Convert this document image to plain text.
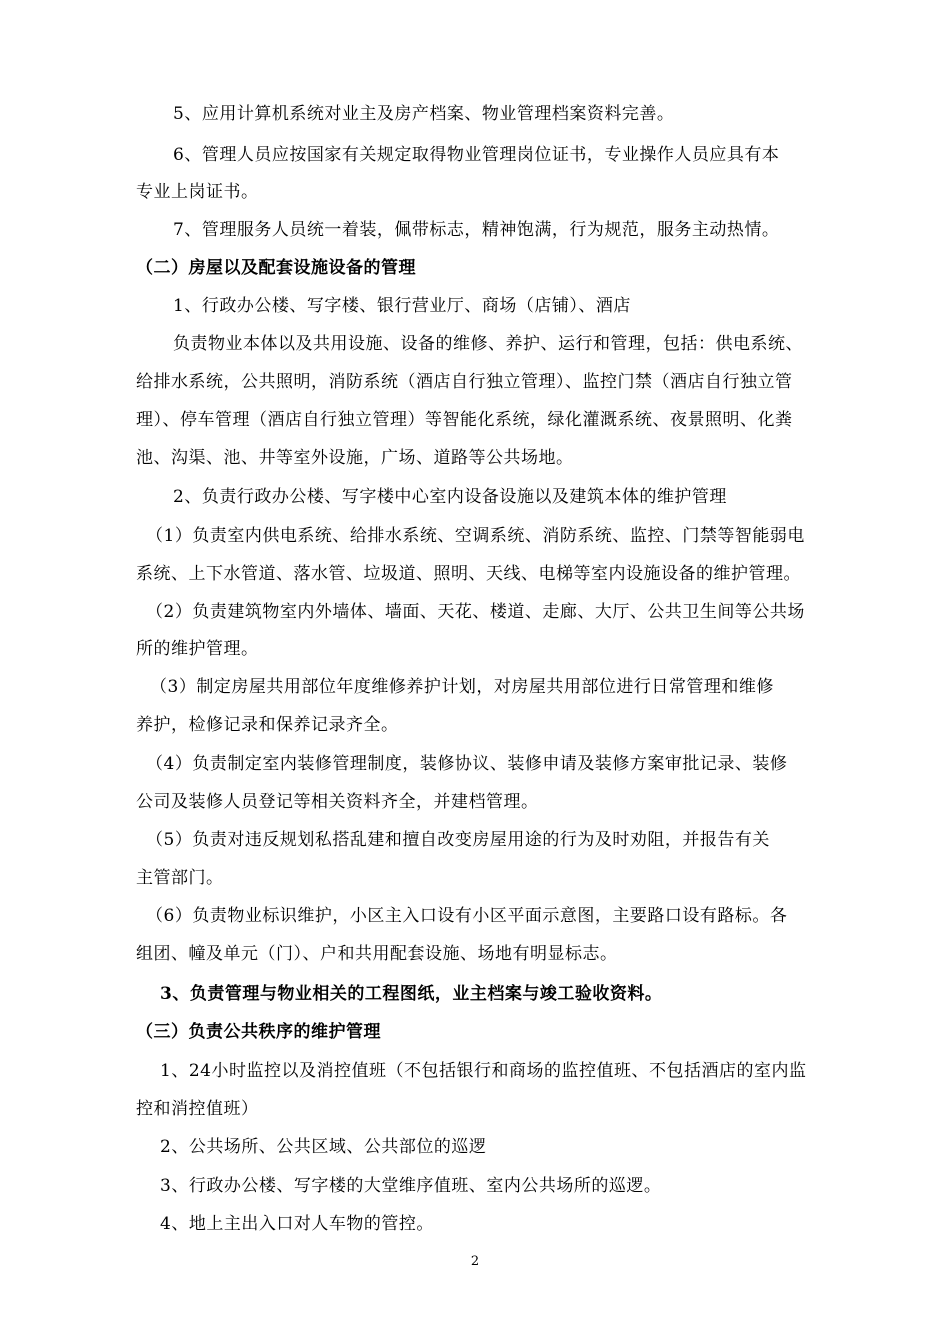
5、应用计算机系统对业主及房产档案、物业管理档案资料完善。
6、管理人员应按国家有关规定取得物业管理岗位证书，专业操作人员应具有本
专业上岗证书。
7、管理服务人员统一着装，佩带标志，精神饱满，行为规范，服务主动热情。
（二）房屋以及配套设施设备的管理
1、行政办公楼、写字楼、银行营业厅、商场（店铺）、酒店
负责物业本体以及共用设施、设备的维修、养护、运行和管理，包括：供电系统、
给排水系统，公共照明，消防系统（酒店自行独立管理）、监控门禁（酒店自行独立管
理）、停车管理（酒店自行独立管理）等智能化系统，绿化灌溉系统、夜景照明、化粪
池、沟渠、池、井等室外设施，广场、道路等公共场地。
2、负责行政办公楼、写字楼中心室内设备设施以及建筑本体的维护管理
（1）负责室内供电系统、给排水系统、空调系统、消防系统、监控、门禁等智能弱电
系统、上下水管道、落水管、垃圾道、照明、天线、电梯等室内设施设备的维护管理。
（2）负责建筑物室内外墙体、墙面、天花、楼道、走廊、大厅、公共卫生间等公共场
所的维护管理。
（3）制定房屋共用部位年度维修养护计划，对房屋共用部位进行日常管理和维修
养护，检修记录和保养记录齐全。
（4）负责制定室内装修管理制度，装修协议、装修申请及装修方案审批记录、装修
公司及装修人员登记等相关资料齐全，并建档管理。
（5）负责对违反规划私搭乱建和擅自改变房屋用途的行为及时劝阻，并报告有关
主管部门。
（6）负责物业标识维护，小区主入口设有小区平面示意图，主要路口设有路标。各
组团、幢及单元（门）、户和共用配套设施、场地有明显标志。
3、负责管理与物业相关的工程图纸，业主档案与竣工验收资料。
（三）负责公共秩序的维护管理
1、24小时监控以及消控值班（不包括银行和商场的监控值班、不包括酒店的室内监
控和消控值班）
2、公共场所、公共区域、公共部位的巡逻
3、行政办公楼、写字楼的大堂维序值班、室内公共场所的巡逻。
4、地上主出入口对人车物的管控。
2
